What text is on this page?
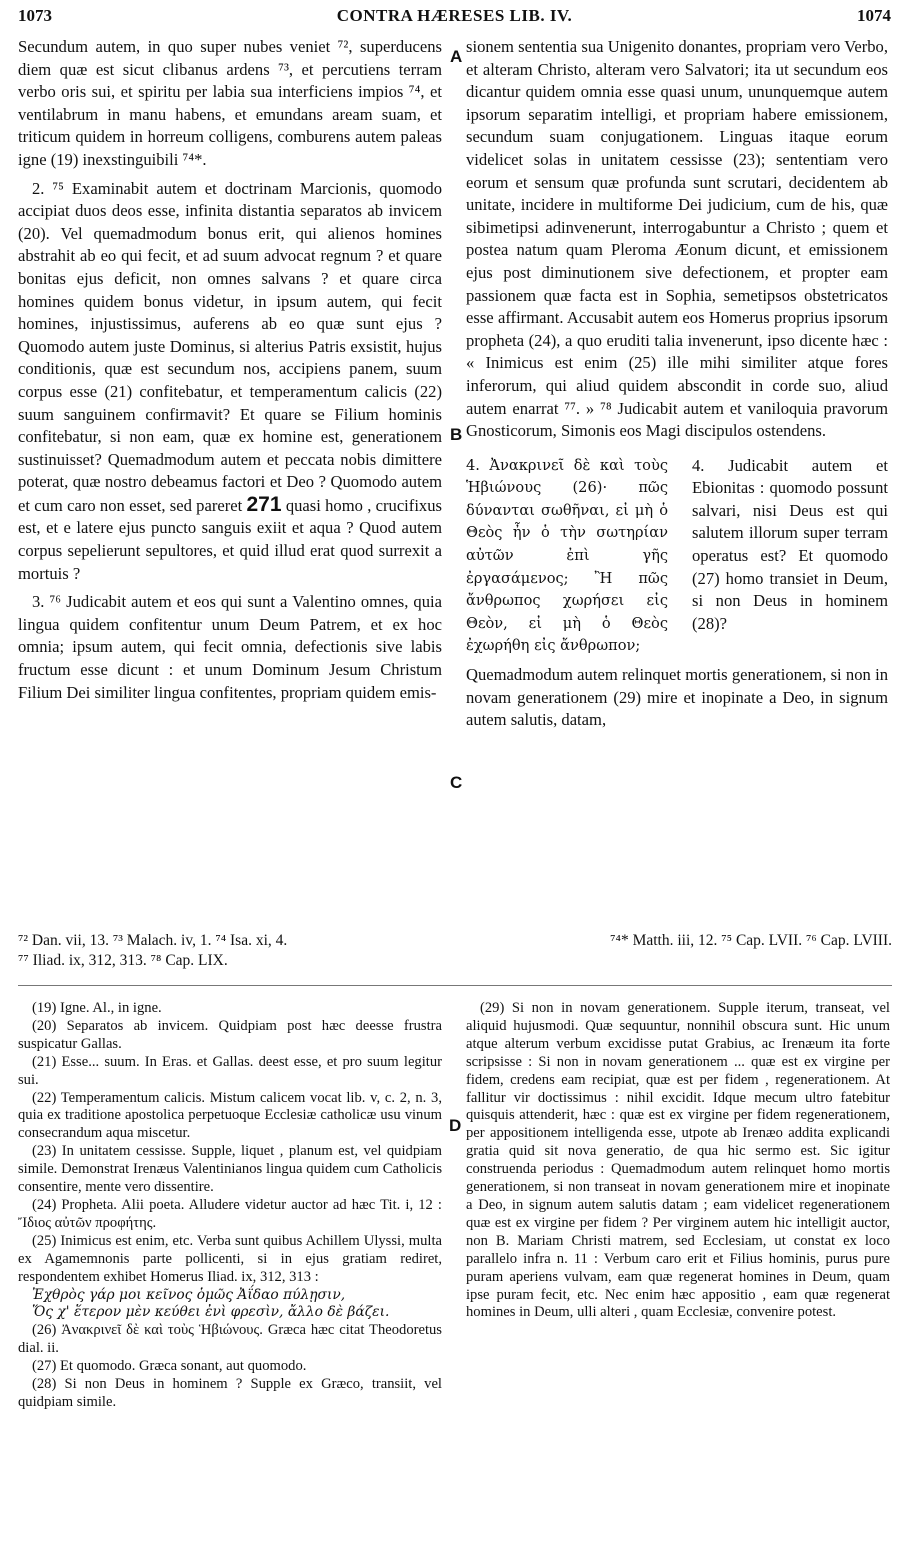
1073	CONTRA HÆRESES LIB. IV.	1074
A
B
C
D

Secundum autem, in quo super nubes veniet ⁷², superducens diem quæ est sicut clibanus ardens ⁷³, et percutiens terram verbo oris sui, et spiritu per labia sua interficiens impios ⁷⁴, et ventilabrum in manu habens, et emundans aream suam, et triticum quidem in horreum colligens, comburens autem paleas igne (19) inexstinguibili ⁷⁴*.

2. ⁷⁵ Examinabit autem et doctrinam Marcionis, quomodo accipiat duos deos esse, infinita distantia separatos ab invicem (20). Vel quemadmodum bonus erit, qui alienos homines abstrahit ab eo qui fecit, et ad suum advocat regnum ? et quare bonitas ejus deficit, non omnes salvans ? et quare circa homines quidem bonus videtur, in ipsum autem, qui fecit homines, injustissimus, auferens ab eo quæ sunt ejus ? Quomodo autem juste Dominus, si alterius Patris exsistit, hujus conditionis, quæ est secundum nos, accipiens panem, suum corpus esse (21) confitebatur, et temperamentum calicis (22) suum sanguinem confirmavit? Et quare se Filium hominis confitebatur, si non eam, quæ ex homine est, generationem sustinuisset? Quemadmodum autem et peccata nobis dimittere poterat, quæ nostro debeamus factori et Deo ? Quomodo autem et cum caro non esset, sed pareret 271 quasi homo , crucifixus est, et e latere ejus puncto sanguis exiit et aqua ? Quod autem corpus sepelierunt sepultores, et quid illud erat quod surrexit a mortuis ?

3. ⁷⁶ Judicabit autem et eos qui sunt a Valentino omnes, quia lingua quidem confitentur unum Deum Patrem, et ex hoc omnia; ipsum autem, qui fecit omnia, defectionis sive labis fructum esse dicunt : et unum Dominum Jesum Christum Filium Dei similiter lingua confitentes, propriam quidem emis-

sionem sententia sua Unigenito donantes, propriam vero Verbo, et alteram Christo, alteram vero Salvatori; ita ut secundum eos dicantur quidem omnia esse quasi unum, ununquemque autem ipsorum separatim intelligi, et propriam habere emissionem, secundum suam conjugationem. Linguas itaque eorum videlicet solas in unitatem cessisse (23); sententiam vero eorum et sensum quæ profunda sunt scrutari, decidentem ab unitate, incidere in multiforme Dei judicium, cum de his, quæ sibimetipsi adinvenerunt, interrogabuntur a Christo ; quem et postea natum quam Pleroma Æonum dicunt, et emissionem ejus post diminutionem sive defectionem, et propter eam passionem quæ facta est in Sophia, semetipsos obstetricatos esse affirmant. Accusabit autem eos Homerus proprius ipsorum propheta (24), a quo eruditi talia invenerunt, ipso dicente hæc : « Inimicus est enim (25) ille mihi similiter atque fores inferorum, qui aliud quidem abscondit in corde suo, aliud autem enarrat ⁷⁷. » ⁷⁸ Judicabit autem et vaniloquia pravorum Gnosticorum, Simonis eos Magi discipulos ostendens.

4. Ἀνακρινεῖ δὲ καὶ τοὺς Ἡβιώνους (26)· πῶς δύνανται σωθῆναι, εἰ μὴ ὁ Θεὸς ἦν ὁ τὴν σωτηρίαν αὐτῶν ἐπὶ γῆς ἐργασάμενος; Ἢ πῶς ἄνθρωπος χωρήσει εἰς Θεὸν, εἰ μὴ ὁ Θεὸς ἐχωρήθη εἰς ἄνθρωπον;
4. Judicabit autem et Ebionitas : quomodo possunt salvari, nisi Deus est qui salutem illorum super terram operatus est? Et quomodo (27) homo transiet in Deum, si non Deus in hominem (28)?

Quemadmodum autem relinquet mortis generationem, si non in novam generationem (29) mire et inopinate a Deo, in signum autem salutis, datam,

⁷² Dan. vii, 13. ⁷³ Malach. iv, 1. ⁷⁴ Isa. xi, 4.	⁷⁴* Matth. iii, 12. ⁷⁵ Cap. LVII. ⁷⁶ Cap. LVIII.
⁷⁷ Iliad. ix, 312, 313. ⁷⁸ Cap. LIX.

(19) Igne. Al., in igne.

(20) Separatos ab invicem. Quidpiam post hæc deesse frustra suspicatur Gallas.

(21) Esse... suum. In Eras. et Gallas. deest esse, et pro suum legitur sui.

(22) Temperamentum calicis. Mistum calicem vocat lib. v, c. 2, n. 3, quia ex traditione apostolica perpetuoque Ecclesiæ catholicæ usu vinum consecrandum aqua miscetur.

(23) In unitatem cessisse. Supple, liquet , planum est, vel quidpiam simile. Demonstrat Irenæus Valentinianos lingua quidem cum Catholicis consentire, mente vero dissentire.

(24) Propheta. Alii poeta. Alludere videtur auctor ad hæc Tit. i, 12 : Ἴδιος αὐτῶν προφήτης.

(25) Inimicus est enim, etc. Verba sunt quibus Achillem Ulyssi, multa ex Agamemnonis parte pollicenti, si in ejus gratiam rediret, respondentem exhibet Homerus Iliad. ix, 312, 313 :

Ἐχθρὸς γάρ μοι κεῖνος ὁμῶς Ἀΐδαο πύλῃσιν,

Ὅς χ' ἕτερον μὲν κεύθει ἐνὶ φρεσὶν, ἄλλο δὲ βάζει.

(26) Ἀνακρινεῖ δὲ καὶ τοὺς Ἡβιώνους. Græca hæc citat Theodoretus dial. ii.

(27) Et quomodo. Græca sonant, aut quomodo.

(28) Si non Deus in hominem ? Supple ex Græco, transiit, vel quidpiam simile.

(29) Si non in novam generationem. Supple iterum, transeat, vel aliquid hujusmodi. Quæ sequuntur, nonnihil obscura sunt. Hic unum atque alterum verbum excidisse putat Grabius, ac Irenæum ita forte scripsisse : Si non in novam generationem ... quæ est ex virgine per fidem, credens eam recipiat, quæ est per fidem , regenerationem. At fallitur vir doctissimus : nihil excidit. Idque mecum ultro fatebitur quisquis attenderit, hæc : quæ est ex virgine per fidem regenerationem, per appositionem intelligenda esse, utpote ab Irenæo addita explicandi gratia quid sit nova generatio, de qua hic sermo est. Sic igitur construenda periodus : Quemadmodum autem relinquet homo mortis generationem, si non transeat in novam generationem mire et inopinate a Deo, in signum autem salutis datam ; eam videlicet regenerationem quæ est ex virgine per fidem ? Per virginem autem hic intelligit auctor, non B. Mariam Christi matrem, sed Ecclesiam, ut constat ex loco parallelo infra n. 11 : Verbum caro erit et Filius hominis, purus pure puram aperiens vulvam, eam quæ regenerat homines in Deum, quam ipse puram fecit, etc. Nec enim hæc appositio , eam quæ regenerat homines in Deum, ulli alteri , quam Ecclesiæ, convenire potest.
